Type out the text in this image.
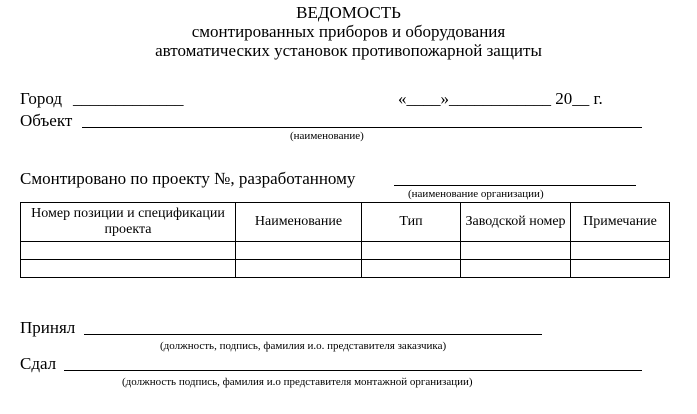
ВЕДОМОСТЬ
смонтированных приборов и оборудования
автоматических установок противопожарной защиты
Город _____________	«____»____________ 20__ г.
Объект
(наименование)
Смонтировано по проекту №, разработанному
(наименование организации)
Номер позиции и спецификации проекта	Наименование	Тип	Заводской номер	Примечание

Принял
(должность, подпись, фамилия и.о. представителя заказчика)
Сдал
(должность подпись, фамилия и.о представителя монтажной организации)
